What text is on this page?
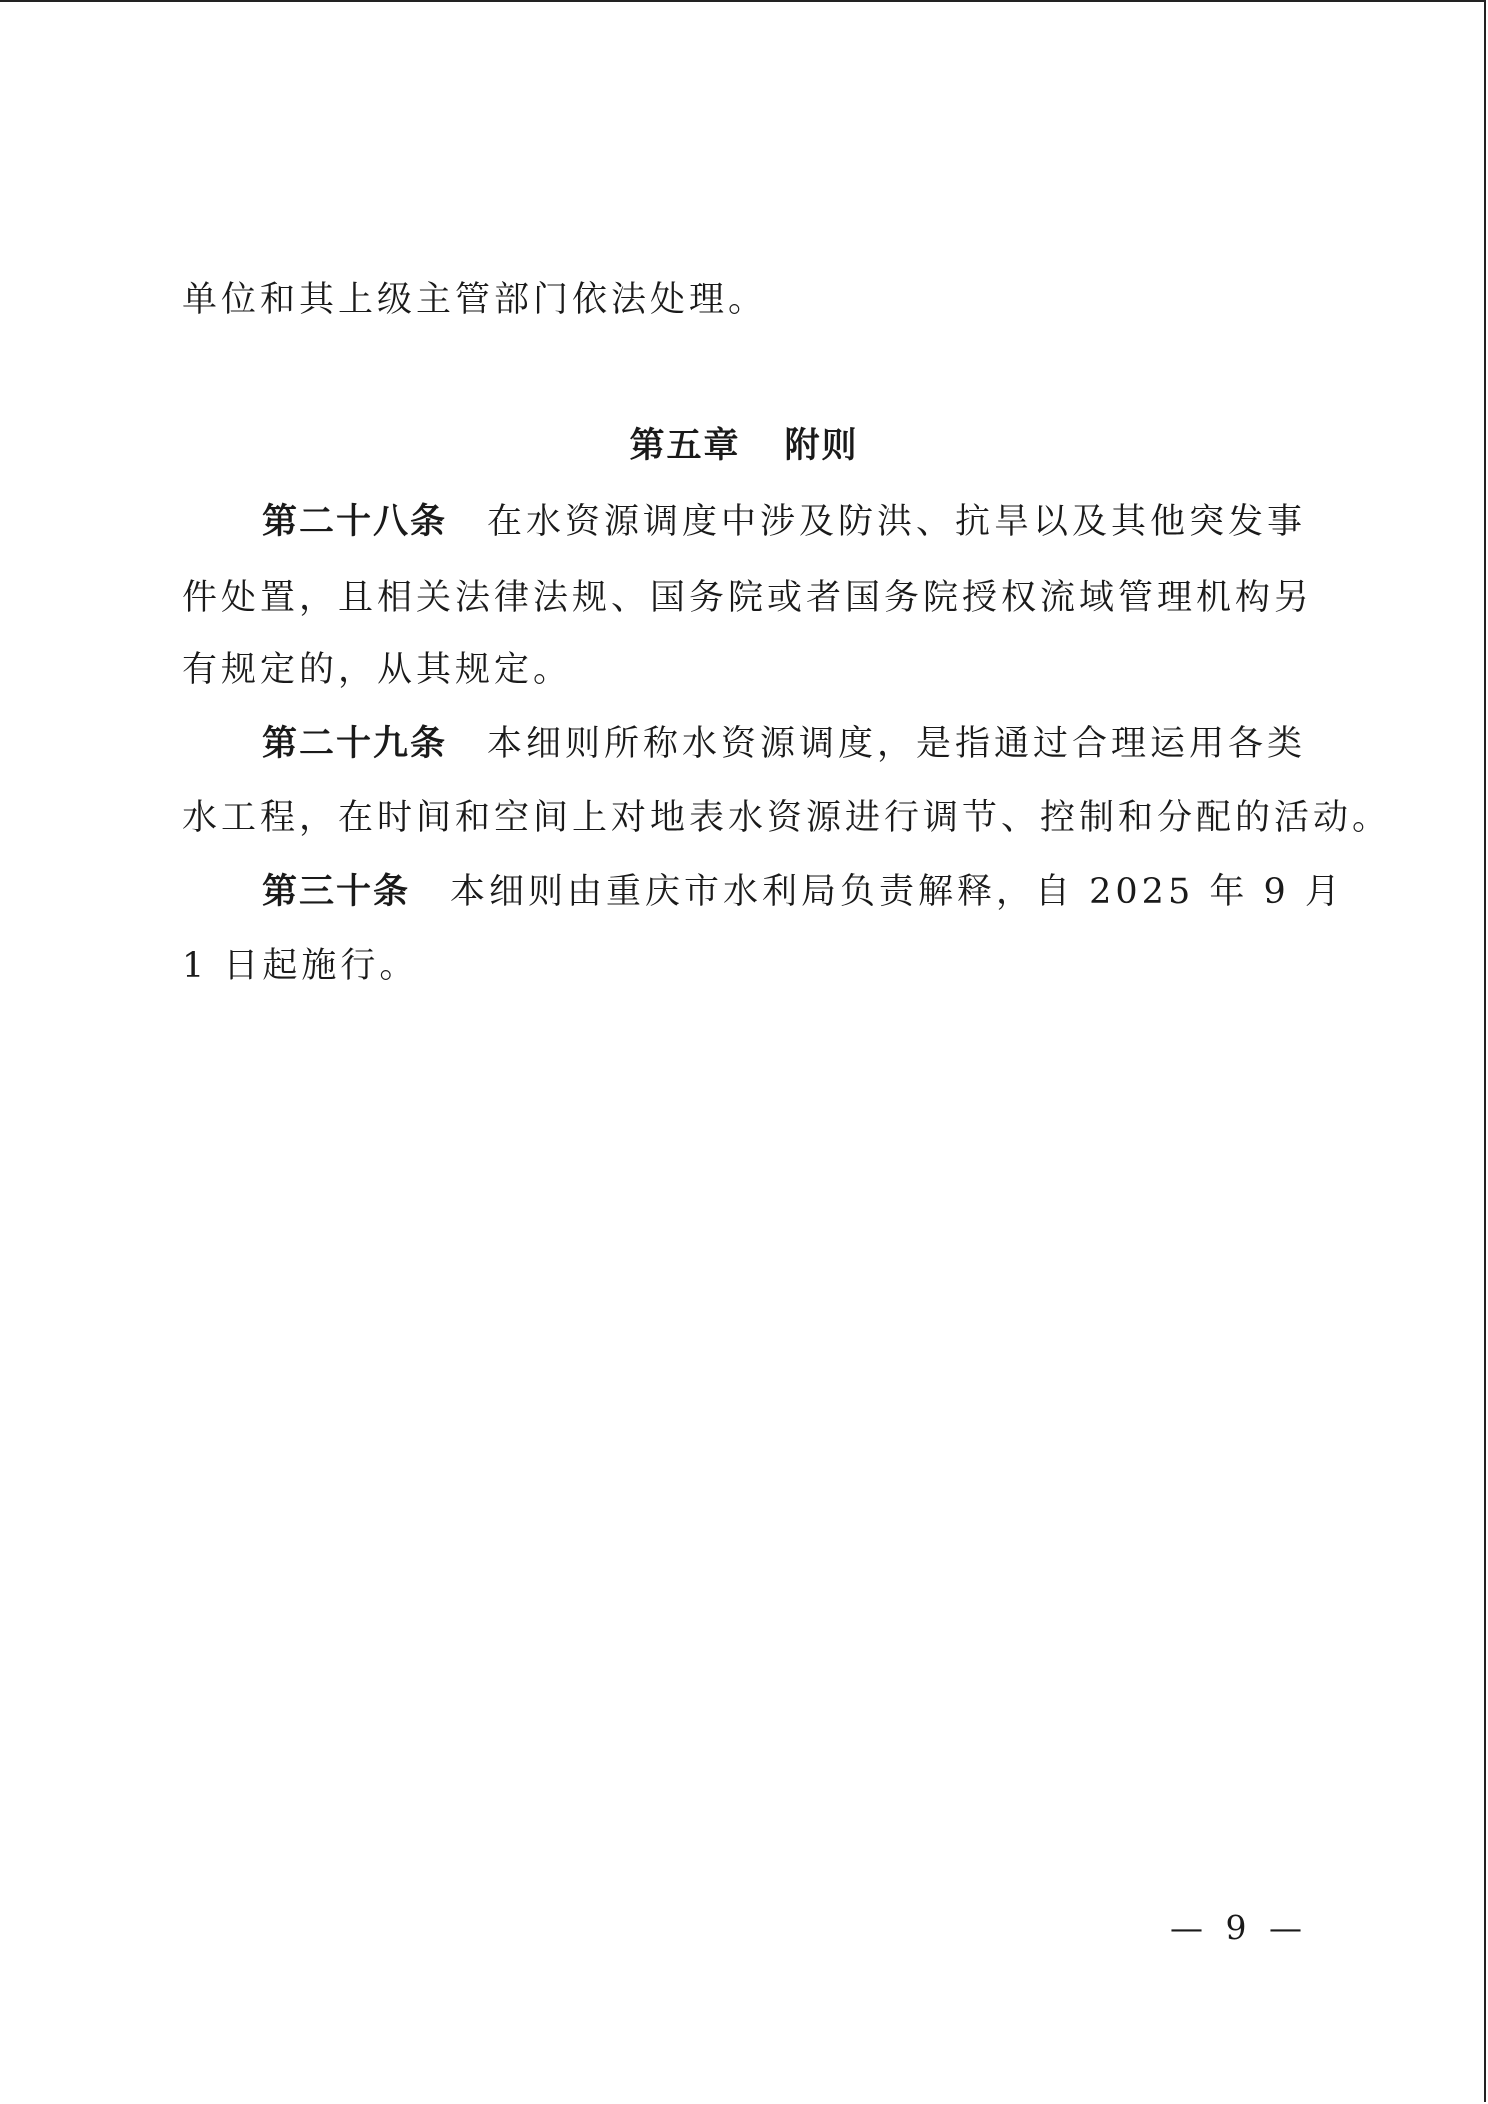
单位和其上级主管部门依法处理。
第五章 附则
第二十八条 在水资源调度中涉及防洪、抗旱以及其他突发事
件处置，且相关法律法规、国务院或者国务院授权流域管理机构另
有规定的，从其规定。
第二十九条 本细则所称水资源调度，是指通过合理运用各类
水工程，在时间和空间上对地表水资源进行调节、控制和分配的活动。
第三十条 本细则由重庆市水利局负责解释，自 2025 年 9 月
1 日起施行。
— 9 —
